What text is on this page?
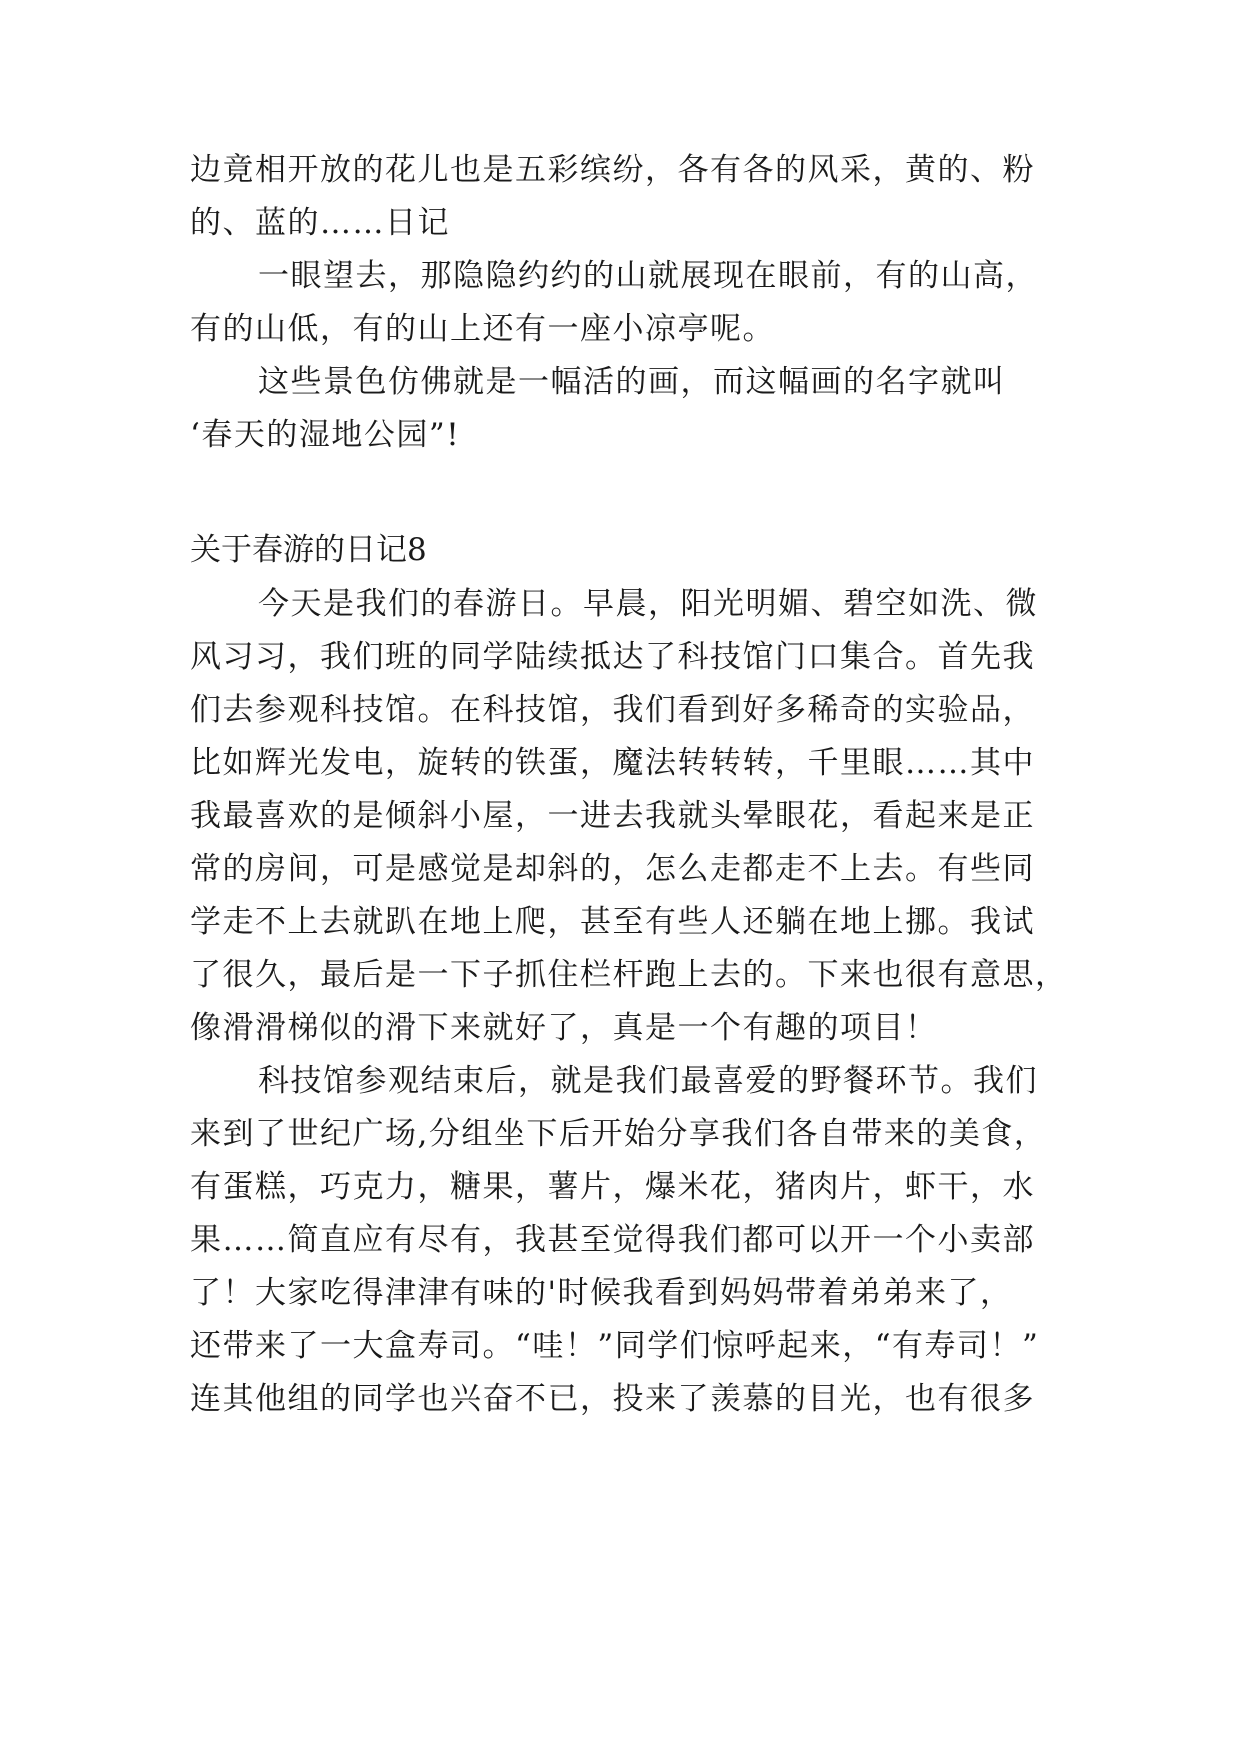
边竟相开放的花儿也是五彩缤纷，各有各的风采，黄的、粉
的、蓝的……日记
一眼望去，那隐隐约约的山就展现在眼前，有的山高，
有的山低，有的山上还有一座小凉亭呢。
这些景色仿佛就是一幅活的画，而这幅画的名字就叫
‘春天的湿地公园”!
关于春游的日记8
今天是我们的春游日。早晨，阳光明媚、碧空如洗、微
风习习，我们班的同学陆续抵达了科技馆门口集合。首先我
们去参观科技馆。在科技馆，我们看到好多稀奇的实验品，
比如辉光发电，旋转的铁蛋，魔法转转转，千里眼……其中
我最喜欢的是倾斜小屋，一进去我就头晕眼花，看起来是正
常的房间，可是感觉是却斜的，怎么走都走不上去。有些同
学走不上去就趴在地上爬，甚至有些人还躺在地上挪。我试
了很久，最后是一下子抓住栏杆跑上去的。下来也很有意思，
像滑滑梯似的滑下来就好了，真是一个有趣的项目！
科技馆参观结束后，就是我们最喜爱的野餐环节。我们
来到了世纪广场,分组坐下后开始分享我们各自带来的美食，
有蛋糕，巧克力，糖果，薯片，爆米花，猪肉片，虾干，水
果……简直应有尽有，我甚至觉得我们都可以开一个小卖部
了！大家吃得津津有味的'时候我看到妈妈带着弟弟来了，
还带来了一大盒寿司。“哇！”同学们惊呼起来，“有寿司！”
连其他组的同学也兴奋不已，投来了羡慕的目光，也有很多
